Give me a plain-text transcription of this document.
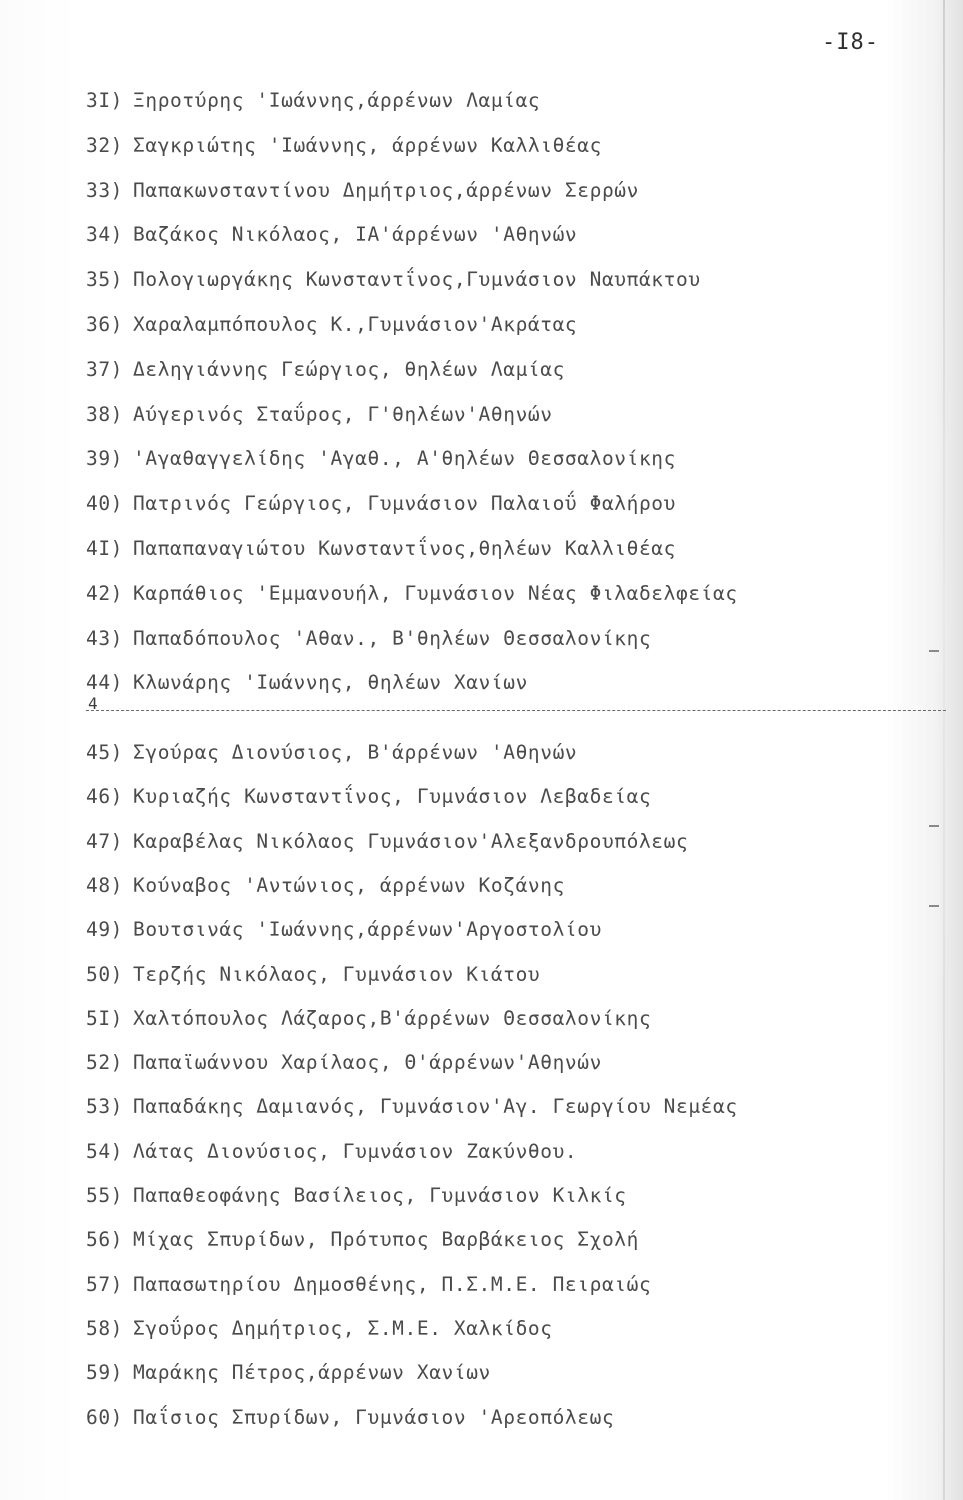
-I8-
3I) Ξηροτύρης 'Ιωάννης,άρρένων Λαμίας
32) Σαγκριώτης 'Ιωάννης, άρρένων Καλλιθέας
33) Παπακωνσταντίνου Δημήτριος,άρρένων Σερρών
34) Βαζάκος Νικόλαος, ΙΑ'άρρένων 'Αθηνών
35) Πολογιωργάκης Κωνσταντΐνος,Γυμνάσιον Ναυπάκτου
36) Χαραλαμπόπουλος Κ.,Γυμνάσιον'Ακράτας
37) Δεληγιάννης Γεώργιος, θηλέων Λαμίας
38) Αύγερινός Σταΰρος, Γ'θηλέων'Αθηνών
39) 'Αγαθαγγελίδης 'Αγαθ., Α'θηλέων Θεσσαλονίκης
40) Πατρινός Γεώργιος, Γυμνάσιον Παλαιοΰ Φαλήρου
4I) Παπαπαναγιώτου Κωνσταντΐνος,θηλέων Καλλιθέας
42) Καρπάθιος 'Εμμανουήλ, Γυμνάσιον Νέας Φιλαδελφείας
43) Παπαδόπουλος 'Αθαν., Β'θηλέων Θεσσαλονίκης
44) Κλωνάρης 'Ιωάννης, θηλέων Χανίων
45) Σγούρας Διονύσιος, Β'άρρένων 'Αθηνών
46) Κυριαζής Κωνσταντΐνος, Γυμνάσιον Λεβαδείας
47) Καραβέλας Νικόλαος Γυμνάσιον'Αλεξανδρουπόλεως
48) Κούναβος 'Αντώνιος, άρρένων Κοζάνης
49) Βουτσινάς 'Ιωάννης,άρρένων'Αργοστολίου
50) Τερζής Νικόλαος, Γυμνάσιον Κιάτου
5I) Χαλτόπουλος Λάζαρος,Β'άρρένων Θεσσαλονίκης
52) Παπαϊωάννου Χαρίλαος, Θ'άρρένων'Αθηνών
53) Παπαδάκης Δαμιανός, Γυμνάσιον'Αγ. Γεωργίου Νεμέας
54) Λάτας Διονύσιος, Γυμνάσιον Ζακύνθου.
55) Παπαθεοφάνης Βασίλειος, Γυμνάσιον Κιλκίς
56) Μίχας Σπυρίδων, Πρότυπος Βαρβάκειος Σχολή
57) Παπασωτηρίου Δημοσθένης, Π.Σ.Μ.Ε. Πειραιώς
58) Σγοΰρος Δημήτριος, Σ.Μ.Ε. Χαλκίδος
59) Μαράκης Πέτρος,άρρένων Χανίων
60) Παΐσιος Σπυρίδων, Γυμνάσιον 'Αρεοπόλεως
4
